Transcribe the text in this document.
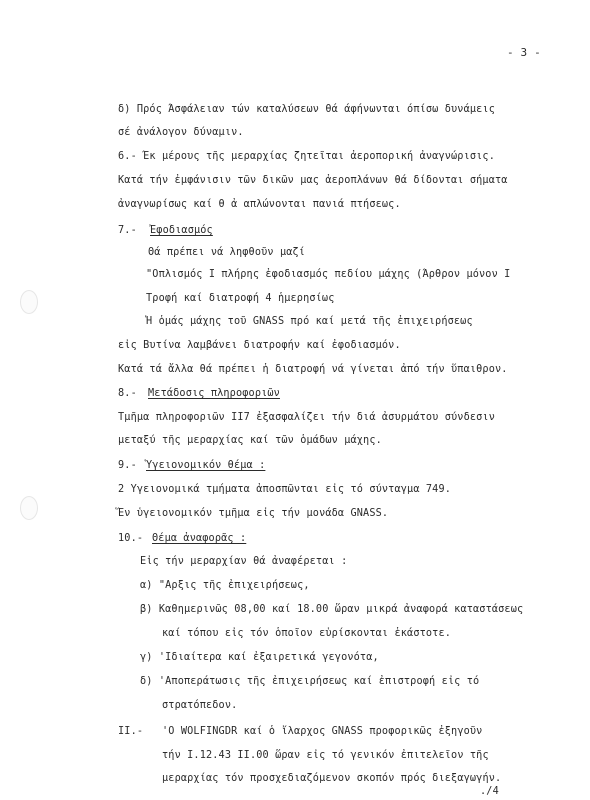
- 3 -
δ) Πρός Άσφάλειαν τών καταλύσεων θά άφήνωνται όπίσω δυνάμεις
σέ ἀνάλογον δύναμιν.
6.- Έκ μέρους τῆς μεραρχίας ζητεῖται ἀεροπορική ἀναγνώρισις.
Κατά τήν ἐμφάνισιν τῶν δικῶν μας ἀεροπλάνων θά δίδονται σήματα
ἀναγνωρίσως καί θ ἀ απλώνονται πανιά πτήσεως.
7.- Ἐφοδιασμός
Θά πρέπει νά ληφθοῦν μαζί
"Οπλισμός Ι πλήρης ἐφοδιασμός πεδίου μάχης (Άρθρον μόνον Ι
Τροφή καί διατροφή 4 ἡμερησίως
Ἡ ὁμάς μάχης τοῦ GNASS πρό καί μετά τῆς ἐπιχειρήσεως
εἰς Βυτίνα λαμβάνει διατροφήν καί ἐφοδιασμόν.
Κατά τά ἄλλα θά πρέπει ἡ διατροφή νά γίνεται ἀπό τήν ὕπαιθρον.
8.- Μετάδοσις πληροφοριῶν
Τμῆμα πληροφοριῶν ΙΙ7 ἐξασφαλίζει τήν διά ἀσυρμάτου σύνδεσιν
μεταξύ τῆς μεραρχίας καί τῶν ὁμάδων μάχης.
9.- Ὑγειονομικόν θέμα :
2 Υγειονομικά τμήματα ἀποσπῶνται εἰς τό σύνταγμα 749.
Ἕν ὑγειονομικόν τμῆμα εἰς τήν μονάδα GNASS.
10.- Θέμα ἀναφορᾶς :
Εἰς τήν μεραρχίαν θά ἀναφέρεται :
α) "Αρξις τῆς ἐπιχειρήσεως,
β) Καθημερινῶς 08,00 καί 18.00 ὥραν μικρά ἀναφορά καταστάσεως
καί τόπου εἰς τόν ὁποῖον εὑρίσκονται ἑκάστοτε.
γ) 'Ιδιαίτερα καί ἐξαιρετικά γεγονότα,
δ) 'Αποπεράτωσις τῆς ἐπιχειρήσεως καί ἐπιστροφή εἰς τό
στρατόπεδον.
ΙΙ.- 'Ο WOLFINGDR καί ὁ ἴλαρχος GNASS προφορικῶς ἐξηγοῦν
τήν Ι.12.43 ΙΙ.00 ὥραν εἰς τό γενικόν ἐπιτελεῖον τῆς
μεραρχίας τόν προσχεδιαζόμενον σκοπόν πρός διεξαγωγήν.
./4
